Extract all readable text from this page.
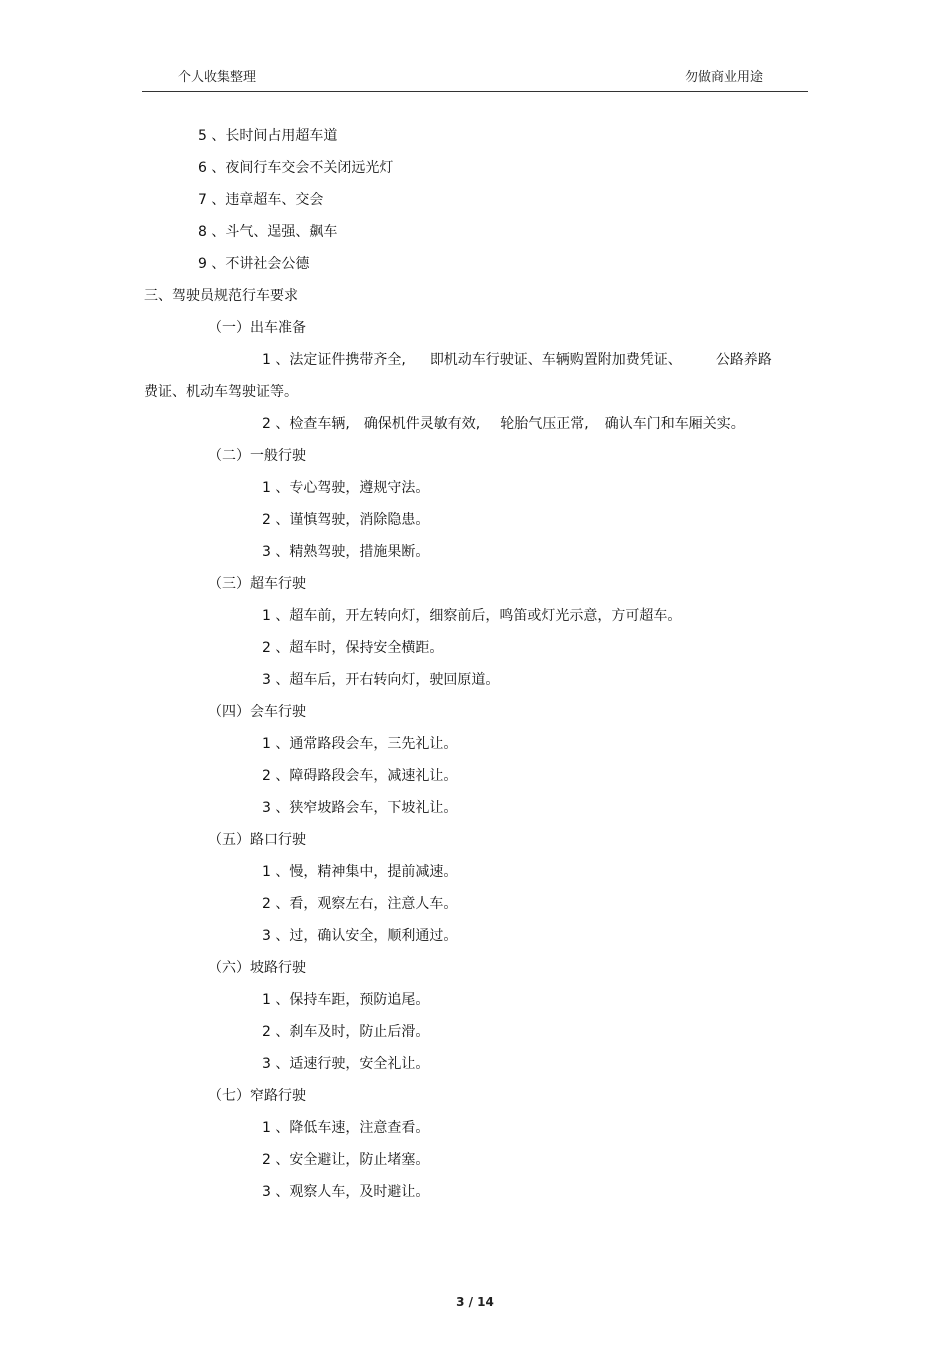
个人收集整理	勿做商业用途
5 、长时间占用超车道
6 、夜间行车交会不关闭远光灯
7 、违章超车、交会
8 、斗气、逞强、飙车
9 、不讲社会公德
三、驾驶员规范行车要求
（一）出车准备
1 、法定证件携带齐全, 即机动车行驶证、车辆购置附加费凭证、 公路养路
费证、机动车驾驶证等。
2 、检查车辆, 确保机件灵敏有效, 轮胎气压正常, 确认车门和车厢关实。
（二）一般行驶
1 、专心驾驶，遵规守法。
2 、谨慎驾驶，消除隐患。
3 、精熟驾驶，措施果断。
（三）超车行驶
1 、超车前，开左转向灯，细察前后，鸣笛或灯光示意，方可超车。
2 、超车时，保持安全横距。
3 、超车后，开右转向灯，驶回原道。
（四）会车行驶
1 、通常路段会车，三先礼让。
2 、障碍路段会车，减速礼让。
3 、狭窄坡路会车，下坡礼让。
（五）路口行驶
1 、慢，精神集中，提前减速。
2 、看，观察左右，注意人车。
3 、过，确认安全，顺利通过。
（六）坡路行驶
1 、保持车距，预防追尾。
2 、刹车及时，防止后滑。
3 、适速行驶，安全礼让。
（七）窄路行驶
1 、降低车速，注意查看。
2 、安全避让，防止堵塞。
3 、观察人车，及时避让。
3 / 14
